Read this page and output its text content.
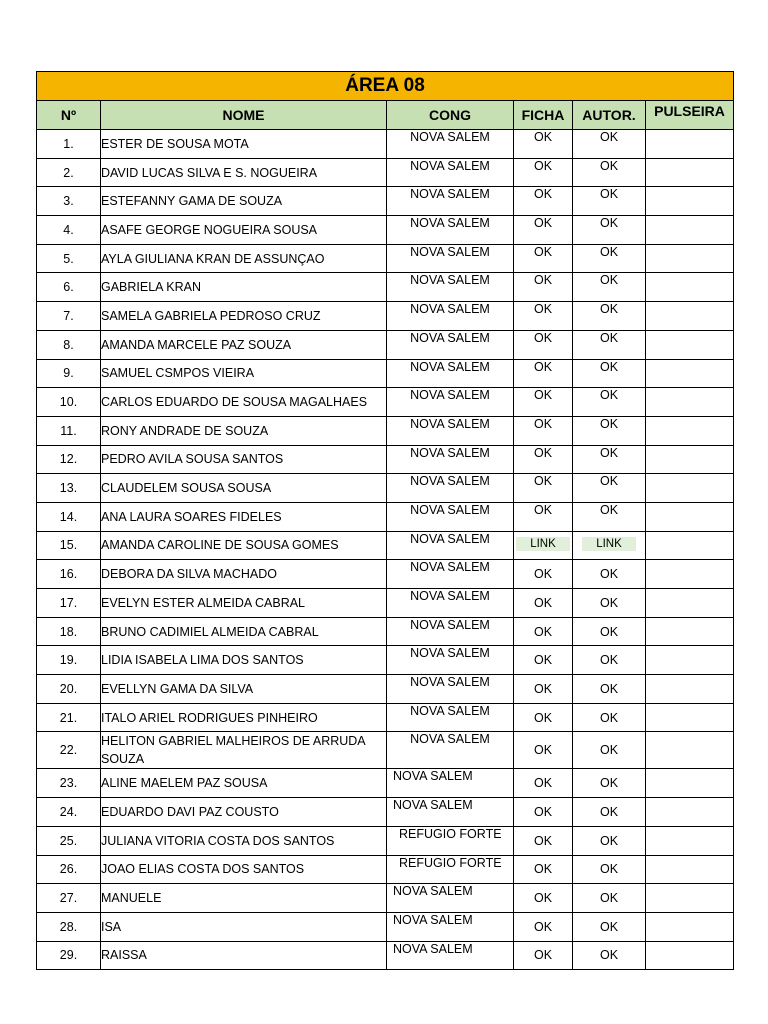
ÁREA 08					
Nº	NOME	CONG	FICHA	AUTOR.	PULSEIRA
1.	ESTER DE SOUSA MOTA	NOVA SALEM	OK	OK	
2.	DAVID LUCAS SILVA E S. NOGUEIRA	NOVA SALEM	OK	OK	
3.	ESTEFANNY GAMA DE SOUZA	NOVA SALEM	OK	OK	
4.	ASAFE GEORGE NOGUEIRA SOUSA	NOVA SALEM	OK	OK	
5.	AYLA GIULIANA KRAN DE ASSUNÇAO	NOVA SALEM	OK	OK	
6.	GABRIELA KRAN	NOVA SALEM	OK	OK	
7.	SAMELA GABRIELA PEDROSO CRUZ	NOVA SALEM	OK	OK	
8.	AMANDA MARCELE PAZ SOUZA	NOVA SALEM	OK	OK	
9.	SAMUEL CSMPOS VIEIRA	NOVA SALEM	OK	OK	
10.	CARLOS EDUARDO DE SOUSA MAGALHAES	NOVA SALEM	OK	OK	
11.	RONY ANDRADE DE SOUZA	NOVA SALEM	OK	OK	
12.	PEDRO AVILA SOUSA SANTOS	NOVA SALEM	OK	OK	
13.	CLAUDELEM SOUSA SOUSA	NOVA SALEM	OK	OK	
14.	ANA LAURA SOARES FIDELES	NOVA SALEM	OK	OK	
15.	AMANDA CAROLINE DE SOUSA GOMES	NOVA SALEM	LINK	LINK	
16.	DEBORA DA SILVA MACHADO	NOVA SALEM	OK	OK	
17.	EVELYN ESTER ALMEIDA CABRAL	NOVA SALEM	OK	OK	
18.	BRUNO CADIMIEL ALMEIDA CABRAL	NOVA SALEM	OK	OK	
19.	LIDIA ISABELA LIMA DOS SANTOS	NOVA SALEM	OK	OK	
20.	EVELLYN GAMA DA SILVA	NOVA SALEM	OK	OK	
21.	ITALO ARIEL RODRIGUES PINHEIRO	NOVA SALEM	OK	OK	
22.	HELITON GABRIEL MALHEIROS DE ARRUDA SOUZA	NOVA SALEM	OK	OK	
23.	ALINE MAELEM PAZ SOUSA	NOVA SALEM	OK	OK	
24.	EDUARDO DAVI PAZ COUSTO	NOVA SALEM	OK	OK	
25.	JULIANA VITORIA COSTA DOS SANTOS	REFUGIO FORTE	OK	OK	
26.	JOAO ELIAS COSTA DOS SANTOS	REFUGIO FORTE	OK	OK	
27.	MANUELE	NOVA SALEM	OK	OK	
28.	ISA	NOVA SALEM	OK	OK	
29.	RAISSA	NOVA SALEM	OK	OK	
